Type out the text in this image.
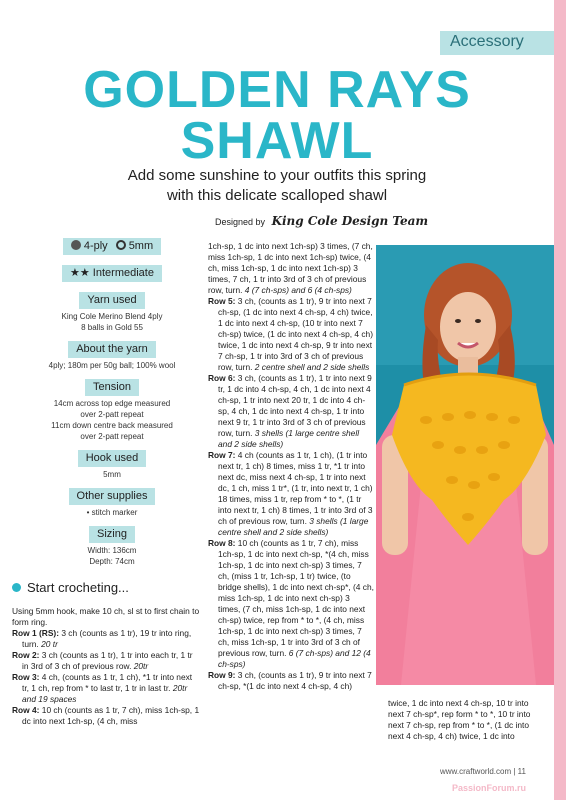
Accessory
GOLDEN RAYS
SHAWL
Add some sunshine to your outfits this spring
with this delicate scalloped shawl
Designed by King Cole Design Team
4-ply 5mm
★★ Intermediate
Yarn used
King Cole Merino Blend 4ply
8 balls in Gold 55
About the yarn
4ply; 180m per 50g ball; 100% wool
Tension
14cm across top edge measured
over 2-patt repeat
11cm down centre back measured
over 2-patt repeat
Hook used
5mm
Other supplies
• stitch marker
Sizing
Width: 136cm
Depth: 74cm
Start crocheting...

Using 5mm hook, make 10 ch, sl st to first chain to form ring.

Row 1 (RS): 3 ch (counts as 1 tr), 19 tr into ring, turn. 20 tr

Row 2: 3 ch (counts as 1 tr), 1 tr into each tr, 1 tr in 3rd of 3 ch of previous row. 20tr

Row 3: 4 ch, (counts as 1 tr, 1 ch), *1 tr into next tr, 1 ch, rep from * to last tr, 1 tr in last tr. 20tr and 19 spaces

Row 4: 10 ch (counts as 1 tr, 7 ch), miss 1ch-sp, 1 dc into next 1ch-sp, (4 ch, miss

1ch-sp, 1 dc into next 1ch-sp) 3 times, (7 ch, miss 1ch-sp, 1 dc into next 1ch-sp) twice, (4 ch, miss 1ch-sp, 1 dc into next 1ch-sp) 3 times, 7 ch, 1 tr into 3rd of 3 ch of previous row, turn. 4 (7 ch-sps) and 6 (4 ch-sps)

Row 5: 3 ch, (counts as 1 tr), 9 tr into next 7 ch-sp, (1 dc into next 4 ch-sp, 4 ch) twice, 1 dc into next 4 ch-sp, (10 tr into next 7 ch-sp) twice, (1 dc into next 4 ch-sp, 4 ch) twice, 1 dc into next 4 ch-sp, 9 tr into next 7 ch-sp, 1 tr into 3rd of 3 ch of previous row, turn. 2 centre shell and 2 side shells

Row 6: 3 ch, (counts as 1 tr), 1 tr into next 9 tr, 1 dc into 4 ch-sp, 4 ch, 1 dc into next 4 ch-sp, 1 tr into next 20 tr, 1 dc into 4 ch-sp, 4 ch, 1 dc into next 4 ch-sp, 1 tr into next 9 tr, 1 tr into 3rd of 3 ch of previous row, turn. 3 shells (1 large centre shell and 2 side shells)

Row 7: 4 ch (counts as 1 tr, 1 ch), (1 tr into next tr, 1 ch) 8 times, miss 1 tr, *1 tr into next dc, miss next 4 ch-sp, 1 tr into next dc, 1 ch, miss 1 tr*, (1 tr, into next tr, 1 ch) 18 times, miss 1 tr, rep from * to *, (1 tr into next tr, 1 ch) 8 times, 1 tr into 3rd of 3 ch of previous row, turn. 3 shells (1 large centre shell and 2 side shells)

Row 8: 10 ch (counts as 1 tr, 7 ch), miss 1ch-sp, 1 dc into next ch-sp, *(4 ch, miss 1ch-sp, 1 dc into next ch-sp) 3 times, 7 ch, (miss 1 tr, 1ch-sp, 1 tr) twice, (to bridge shells), 1 dc into next ch-sp*, (4 ch, miss 1ch-sp, 1 dc into next ch-sp) 3 times, (7 ch, miss 1ch-sp, 1 dc into next ch-sp) twice, rep from * to *, (4 ch, miss 1ch-sp, 1 dc into next ch-sp) 3 times, 7 ch, miss 1ch-sp, 1 tr into 3rd of 3 ch of previous row, turn. 6 (7 ch-sps) and 12 (4 ch-sps)

Row 9: 3 ch, (counts as 1 tr), 9 tr into next 7 ch-sp, *(1 dc into next 4 ch-sp, 4 ch)

twice, 1 dc into next 4 ch-sp, 10 tr into next 7 ch-sp*, rep form * to *, 10 tr into next 7 ch-sp, rep from * to *, (1 dc into next 4 ch-sp, 4 ch) twice, 1 dc into

www.craftworld.com | 11
PassionForum.ru
